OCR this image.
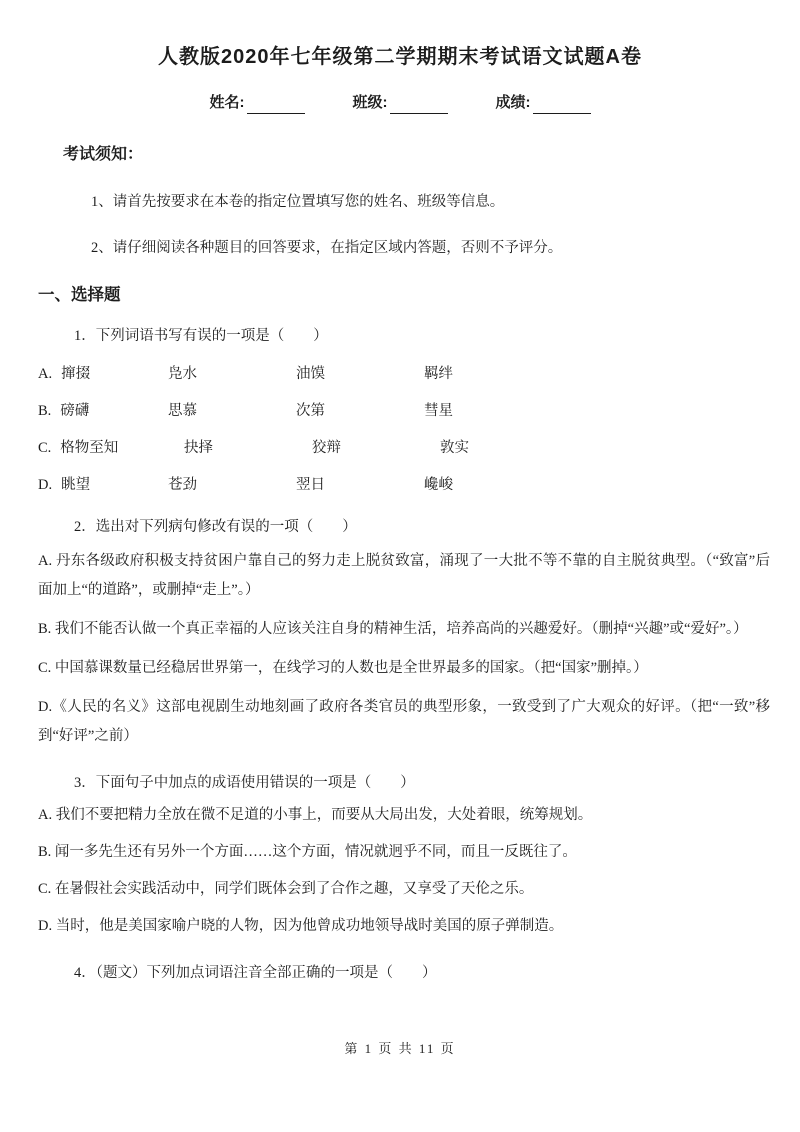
人教版2020年七年级第二学期期末考试语文试题A卷
姓名:	班级:	成绩:
考试须知：
1、请首先按要求在本卷的指定位置填写您的姓名、班级等信息。
2、请仔细阅读各种题目的回答要求，在指定区域内答题，否则不予评分。
一、选择题
1．下列词语书写有误的一项是（　　）
A. 撺掇	凫水	油馍	羁绊
B. 磅礴	思慕	次第	彗星
C. 格物至知	抉择	狡辩	敦实
D. 眺望	苍劲	翌日	巉峻
2．选出对下列病句修改有误的一项（　　）
A. 丹东各级政府积极支持贫困户靠自己的努力走上脱贫致富，涌现了一大批不等不靠的自主脱贫典型。（“致富”后面加上“的道路”，或删掉“走上”。）
B. 我们不能否认做一个真正幸福的人应该关注自身的精神生活，培养高尚的兴趣爱好。（删掉“兴趣”或“爱好”。）
C. 中国慕课数量已经稳居世界第一，在线学习的人数也是全世界最多的国家。（把“国家”删掉。）
D.《人民的名义》这部电视剧生动地刻画了政府各类官员的典型形象，一致受到了广大观众的好评。（把“一致”移到“好评”之前）
3．下面句子中加点的成语使用错误的一项是（　　）
A. 我们不要把精力全放在微不足道的小事上，而要从大局出发，大处着眼，统筹规划。
B. 闻一多先生还有另外一个方面……这个方面，情况就迥乎不同，而且一反既往了。
C. 在暑假社会实践活动中，同学们既体会到了合作之趣，又享受了天伦之乐。
D. 当时，他是美国家喻户晓的人物，因为他曾成功地领导战时美国的原子弹制造。
4．（题文）下列加点词语注音全部正确的一项是（　　）
第 1 页 共 11 页
